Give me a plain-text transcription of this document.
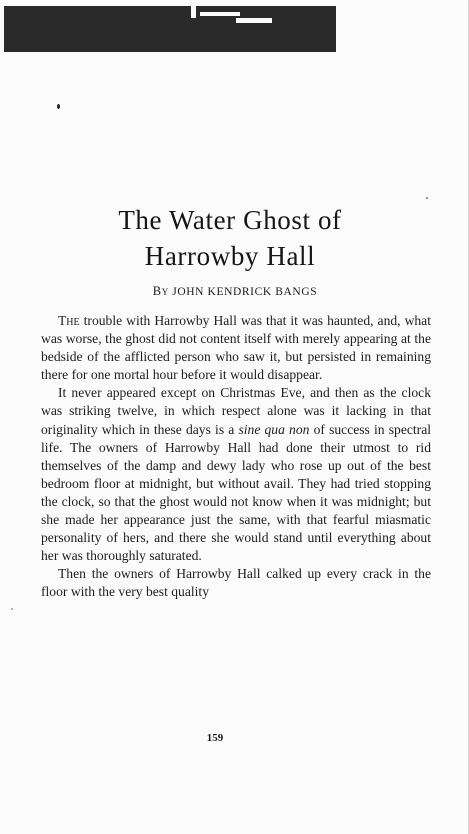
The Water Ghost of
Harrowby Hall
By JOHN KENDRICK BANGS

The trouble with Harrowby Hall was that it was haunted, and, what was worse, the ghost did not content itself with merely appearing at the bedside of the afflicted person who saw it, but persisted in remaining there for one mortal hour before it would disappear.

It never appeared except on Christmas Eve, and then as the clock was striking twelve, in which respect alone was it lacking in that originality which in these days is a sine qua non of success in spectral life. The owners of Harrowby Hall had done their utmost to rid themselves of the damp and dewy lady who rose up out of the best bedroom floor at midnight, but without avail. They had tried stopping the clock, so that the ghost would not know when it was midnight; but she made her appearance just the same, with that fearful miasmatic personality of hers, and there she would stand until everything about her was thoroughly saturated.

Then the owners of Harrowby Hall calked up every crack in the floor with the very best quality

159
